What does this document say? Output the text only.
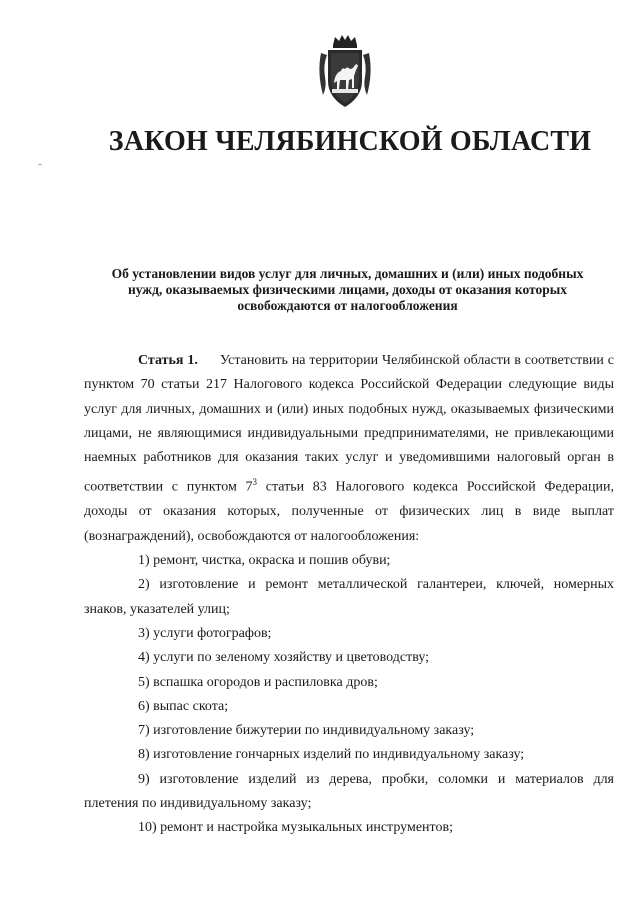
ЗАКОН ЧЕЛЯБИНСКОЙ ОБЛАСТИ
Об установлении видов услуг для личных, домашних и (или) иных подобных
нужд, оказываемых физическими лицами, доходы от оказания которых
освобождаются от налогообложения

Статья 1. Установить на территории Челябинской области в соответствии с пунктом 70 статьи 217 Налогового кодекса Российской Федерации следующие виды услуг для личных, домашних и (или) иных подобных нужд, оказываемых физическими лицами, не являющимися индивидуальными предпринимателями, не привлекающими наемных работников для оказания таких услуг и уведомившими налоговый орган в соответствии с пунктом $7^3$ статьи 83 Налогового кодекса Российской Федерации, доходы от оказания которых, полученные от физических лиц в виде выплат (вознаграждений), освобождаются от налогообложения:

1) ремонт, чистка, окраска и пошив обуви;

2) изготовление и ремонт металлической галантереи, ключей, номерных знаков, указателей улиц;

3) услуги фотографов;

4) услуги по зеленому хозяйству и цветоводству;

5) вспашка огородов и распиловка дров;

6) выпас скота;

7) изготовление бижутерии по индивидуальному заказу;

8) изготовление гончарных изделий по индивидуальному заказу;

9) изготовление изделий из дерева, пробки, соломки и материалов для плетения по индивидуальному заказу;

10) ремонт и настройка музыкальных инструментов;
